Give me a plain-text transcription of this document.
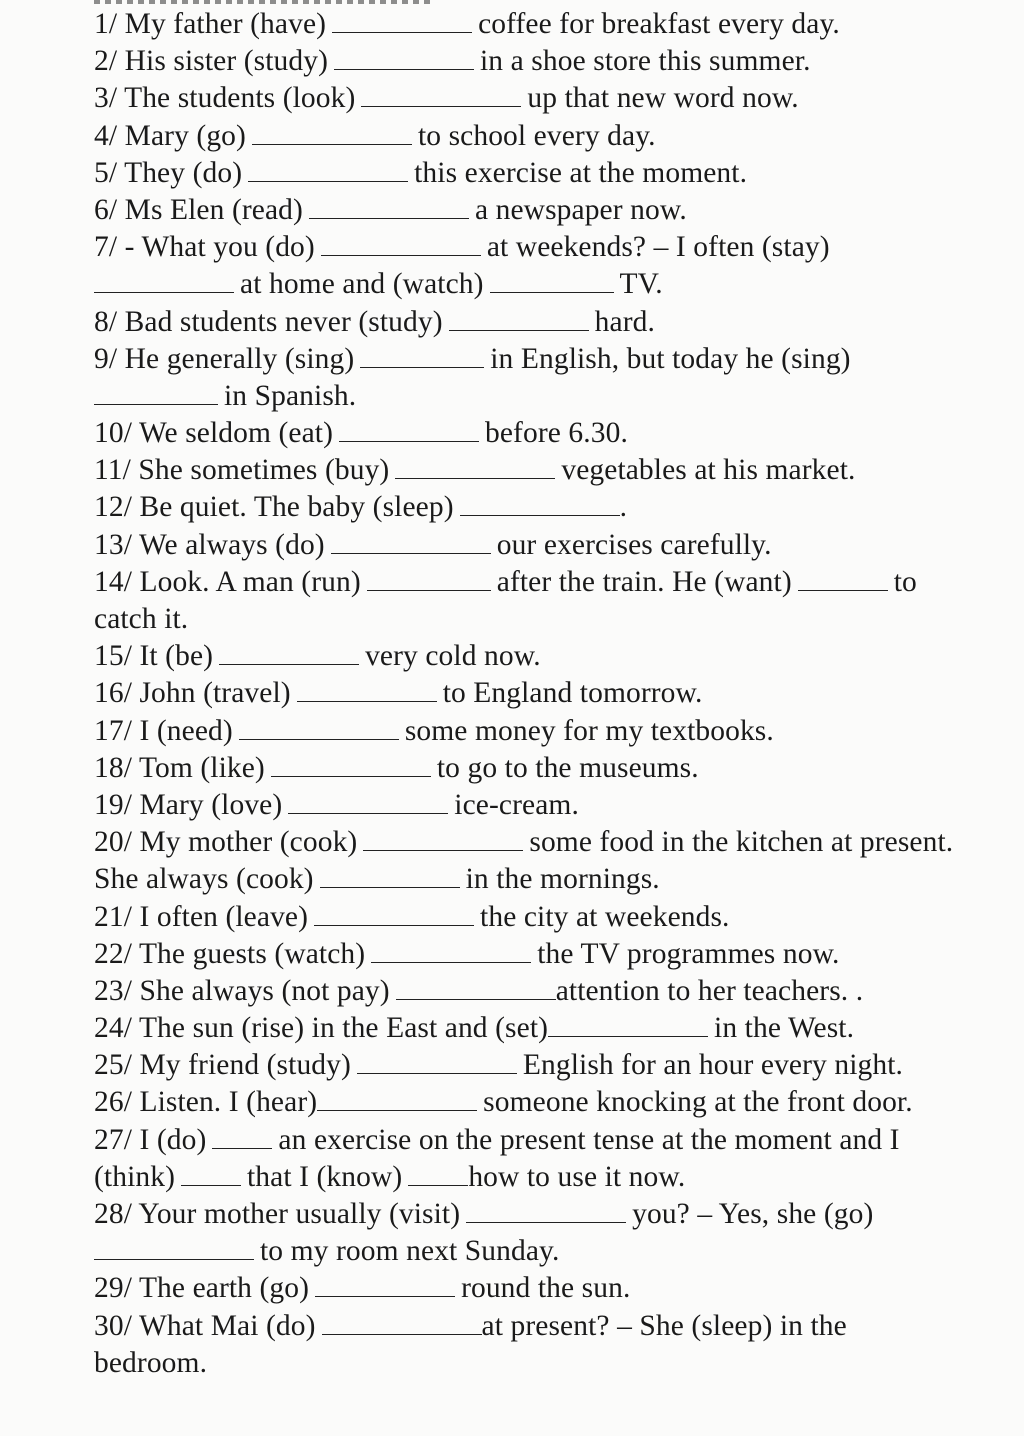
1/ My father (have)	coffee for breakfast every day.
2/ His sister (study)	in a shoe store this summer.
3/ The students (look)	up that new word now.
4/ Mary (go)	to school every day.
5/ They (do)	this exercise at the moment.
6/ Ms Elen (read)	a newspaper now.
7/ - What you (do)	at weekends? – I often (stay)
at home and (watch)	TV.
8/ Bad students never (study)	hard.
9/ He generally (sing)	in English, but today he (sing)
in Spanish.
10/ We seldom (eat)	before 6.30.
11/ She sometimes (buy)	vegetables at his market.
12/ Be quiet. The baby (sleep)	.
13/ We always (do)	our exercises carefully.
14/ Look. A man (run)	after the train. He (want)	to
catch it.
15/ It (be)	very cold now.
16/ John (travel)	to England tomorrow.
17/ I (need)	some money for my textbooks.
18/ Tom (like)	to go to the museums.
19/ Mary (love)	ice-cream.
20/ My mother (cook)	some food in the kitchen at present.
She always (cook)	in the mornings.
21/ I often (leave)	the city at weekends.
22/ The guests (watch)	the TV programmes now.
23/ She always (not pay)	attention to her teachers. .
24/ The sun (rise) in the East and (set)	in the West.
25/ My friend (study)	English for an hour every night.
26/ Listen. I (hear)	someone knocking at the front door.
27/ I (do) an exercise on the present tense at the moment and I
(think) that I (know) how to use it now.
28/ Your mother usually (visit)	you? – Yes, she (go)
to my room next Sunday.
29/ The earth (go)	round the sun.
30/ What Mai (do)	at present? – She (sleep) in the
bedroom.
